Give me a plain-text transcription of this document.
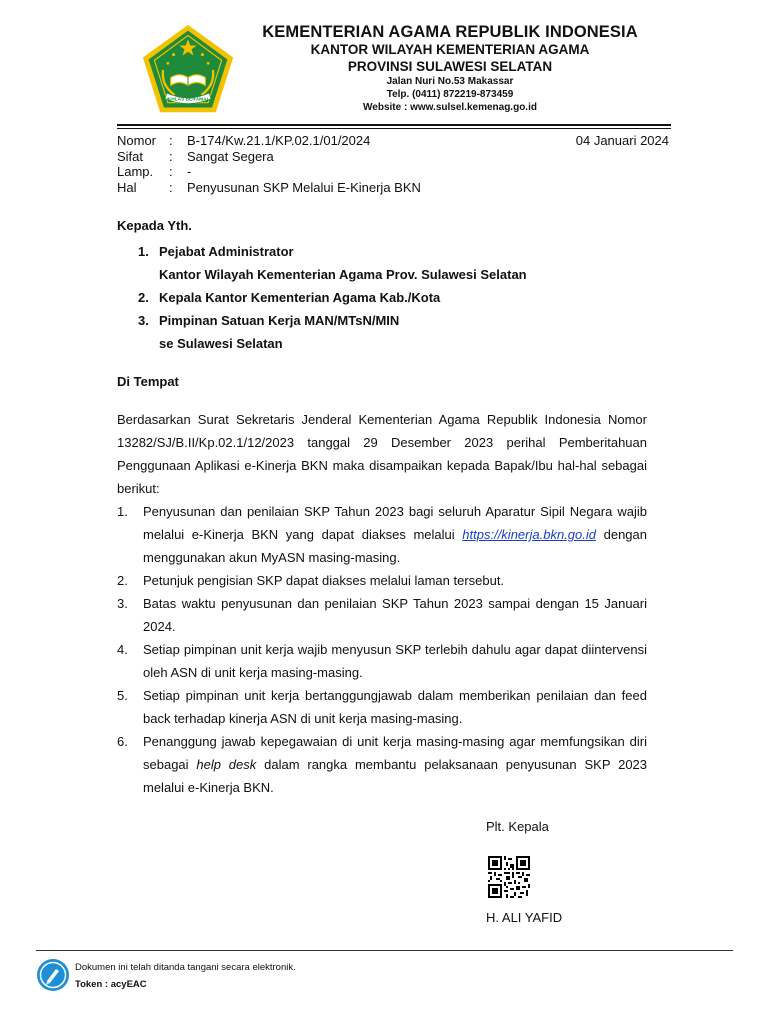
IKHLAS BERAMAL
KEMENTERIAN AGAMA REPUBLIK INDONESIA
KANTOR WILAYAH KEMENTERIAN AGAMA
PROVINSI SULAWESI SELATAN
Jalan Nuri No.53 Makassar
Telp. (0411) 872219-873459
Website : www.sulsel.kemenag.go.id
Nomor : B-174/Kw.21.1/KP.02.1/01/2024	04 Januari 2024
Sifat : Sangat Segera
Lamp. : -
Hal : Penyusunan SKP Melalui E-Kinerja BKN
Kepada Yth.
1. Pejabat Administrator
Kantor Wilayah Kementerian Agama Prov. Sulawesi Selatan
2. Kepala Kantor Kementerian Agama Kab./Kota
3. Pimpinan Satuan Kerja MAN/MTsN/MIN
se Sulawesi Selatan
Di Tempat
Berdasarkan Surat Sekretaris Jenderal Kementerian Agama Republik Indonesia Nomor 13282/SJ/B.II/Kp.02.1/12/2023 tanggal 29 Desember 2023 perihal Pemberitahuan Penggunaan Aplikasi e-Kinerja BKN maka disampaikan kepada Bapak/Ibu hal-hal sebagai berikut:
1. Penyusunan dan penilaian SKP Tahun 2023 bagi seluruh Aparatur Sipil Negara wajib melalui e-Kinerja BKN yang dapat diakses melalui https://kinerja.bkn.go.id dengan menggunakan akun MyASN masing-masing.
2. Petunjuk pengisian SKP dapat diakses melalui laman tersebut.
3. Batas waktu penyusunan dan penilaian SKP Tahun 2023 sampai dengan 15 Januari 2024.
4. Setiap pimpinan unit kerja wajib menyusun SKP terlebih dahulu agar dapat diintervensi oleh ASN di unit kerja masing-masing.
5. Setiap pimpinan unit kerja bertanggungjawab dalam memberikan penilaian dan feed back terhadap kinerja ASN di unit kerja masing-masing.
6. Penanggung jawab kepegawaian di unit kerja masing-masing agar memfungsikan diri sebagai help desk dalam rangka membantu pelaksanaan penyusunan SKP 2023 melalui e-Kinerja BKN.
Plt. Kepala
H. ALI YAFID
Dokumen ini telah ditanda tangani secara elektronik.
Token : acyEAC
